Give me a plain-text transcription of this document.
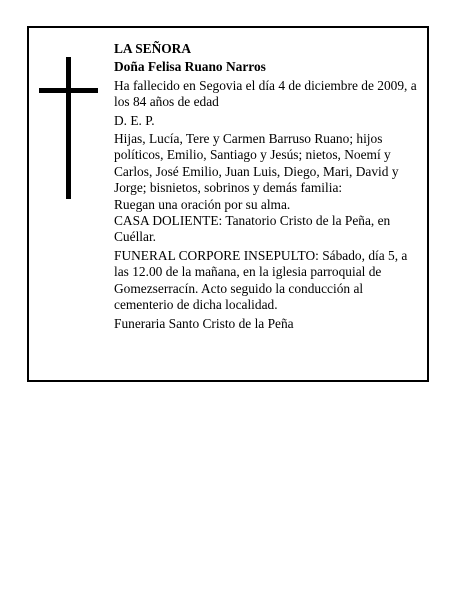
LA SEÑORA

Doña Felisa Ruano Narros

Ha fallecido en Segovia el día 4 de diciembre de 2009, a los 84 años de edad

D. E. P.

Hijas, Lucía, Tere y Carmen Barruso Ruano; hijos políticos, Emilio, Santiago y Jesús; nietos, Noemí y Carlos, José Emilio, Juan Luis, Diego, Mari, David y Jorge; bisnietos, sobrinos y demás familia:

Ruegan una oración por su alma.

CASA DOLIENTE: Tanatorio Cristo de la Peña, en Cuéllar.

FUNERAL CORPORE INSEPULTO: Sábado, día 5, a las 12.00 de la mañana, en la iglesia parroquial de Gomezserracín. Acto seguido la conducción al cementerio de dicha localidad.

Funeraria Santo Cristo de la Peña
